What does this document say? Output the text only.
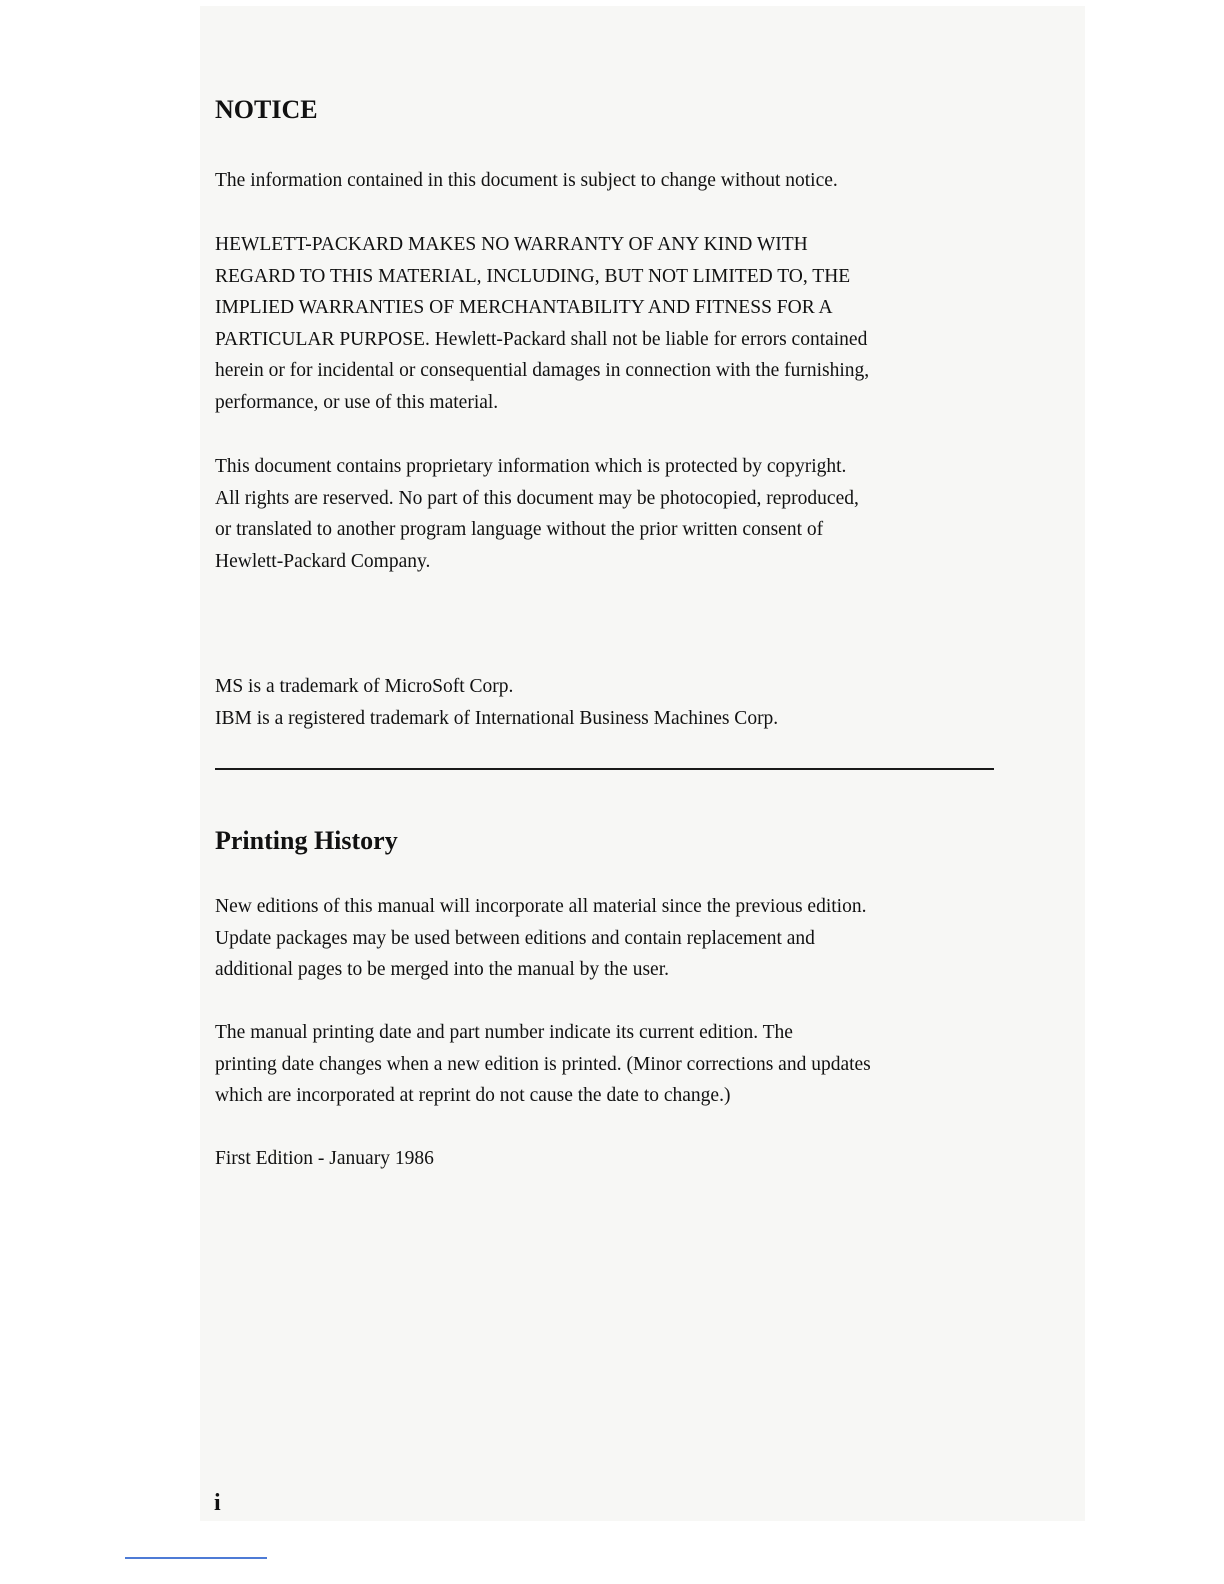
NOTICE

The information contained in this document is subject to change without notice.

HEWLETT-PACKARD MAKES NO WARRANTY OF ANY KIND WITH
REGARD TO THIS MATERIAL, INCLUDING, BUT NOT LIMITED TO, THE
IMPLIED WARRANTIES OF MERCHANTABILITY AND FITNESS FOR A
PARTICULAR PURPOSE. Hewlett-Packard shall not be liable for errors contained
herein or for incidental or consequential damages in connection with the furnishing,
performance, or use of this material.

This document contains proprietary information which is protected by copyright.
All rights are reserved. No part of this document may be photocopied, reproduced,
or translated to another program language without the prior written consent of
Hewlett-Packard Company.

MS is a trademark of MicroSoft Corp.
IBM is a registered trademark of International Business Machines Corp.

Printing History

New editions of this manual will incorporate all material since the previous edition.
Update packages may be used between editions and contain replacement and
additional pages to be merged into the manual by the user.

The manual printing date and part number indicate its current edition. The
printing date changes when a new edition is printed. (Minor corrections and updates
which are incorporated at reprint do not cause the date to change.)

First Edition - January 1986

i
